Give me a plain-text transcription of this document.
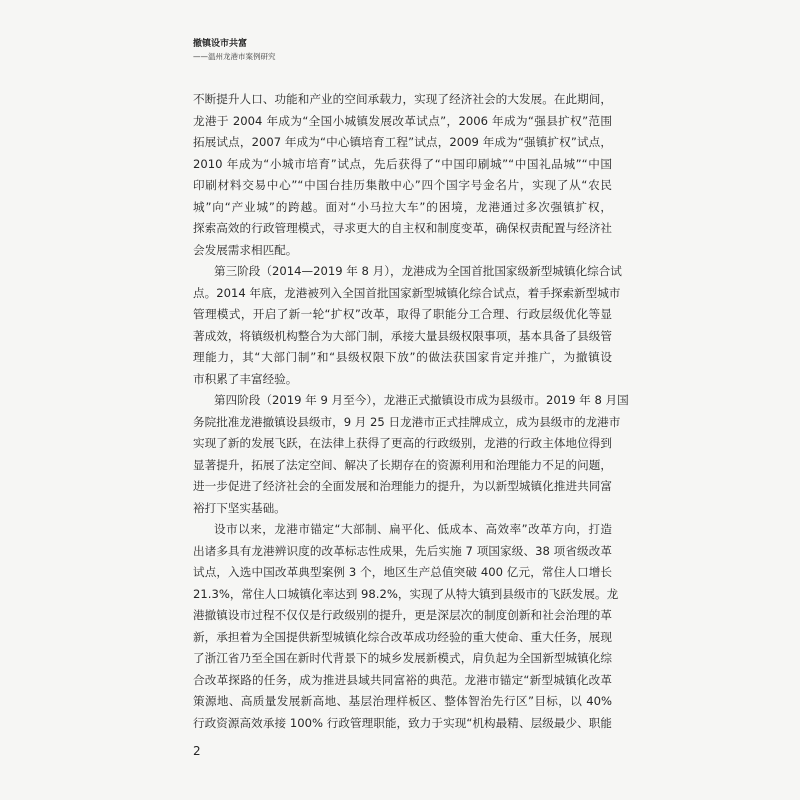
撤镇设市共富
——温州龙港市案例研究
不断提升人口、功能和产业的空间承载力，实现了经济社会的大发展。在此期间，
龙港于 2004 年成为“全国小城镇发展改革试点”，2006 年成为“强县扩权”范围
拓展试点，2007 年成为“中心镇培育工程”试点，2009 年成为“强镇扩权”试点，
2010 年成为“小城市培育”试点，先后获得了“中国印刷城”“中国礼品城”“中国
印刷材料交易中心”“中国台挂历集散中心”四个国字号金名片，实现了从“农民
城”向“产业城”的跨越。面对“小马拉大车”的困境，龙港通过多次强镇扩权，
探索高效的行政管理模式，寻求更大的自主权和制度变革，确保权责配置与经济社
会发展需求相匹配。
第三阶段（2014—2019 年 8 月），龙港成为全国首批国家级新型城镇化综合试
点。2014 年底，龙港被列入全国首批国家新型城镇化综合试点，着手探索新型城市
管理模式，开启了新一轮“扩权”改革，取得了职能分工合理、行政层级优化等显
著成效，将镇级机构整合为大部门制，承接大量县级权限事项，基本具备了县级管
理能力，其“大部门制”和“县级权限下放”的做法获国家肯定并推广，为撤镇设
市积累了丰富经验。
第四阶段（2019 年 9 月至今），龙港正式撤镇设市成为县级市。2019 年 8 月国
务院批准龙港撤镇设县级市，9 月 25 日龙港市正式挂牌成立，成为县级市的龙港市
实现了新的发展飞跃，在法律上获得了更高的行政级别，龙港的行政主体地位得到
显著提升，拓展了法定空间、解决了长期存在的资源利用和治理能力不足的问题，
进一步促进了经济社会的全面发展和治理能力的提升，为以新型城镇化推进共同富
裕打下坚实基础。
设市以来，龙港市锚定“大部制、扁平化、低成本、高效率”改革方向，打造
出诸多具有龙港辨识度的改革标志性成果，先后实施 7 项国家级、38 项省级改革
试点，入选中国改革典型案例 3 个，地区生产总值突破 400 亿元，常住人口增长
21.3%，常住人口城镇化率达到 98.2%，实现了从特大镇到县级市的飞跃发展。龙
港撤镇设市过程不仅仅是行政级别的提升，更是深层次的制度创新和社会治理的革
新，承担着为全国提供新型城镇化综合改革成功经验的重大使命、重大任务，展现
了浙江省乃至全国在新时代背景下的城乡发展新模式，肩负起为全国新型城镇化综
合改革探路的任务，成为推进县域共同富裕的典范。龙港市锚定“新型城镇化改革
策源地、高质量发展新高地、基层治理样板区、整体智治先行区”目标，以 40%
行政资源高效承接 100% 行政管理职能，致力于实现“机构最精、层级最少、职能
2
